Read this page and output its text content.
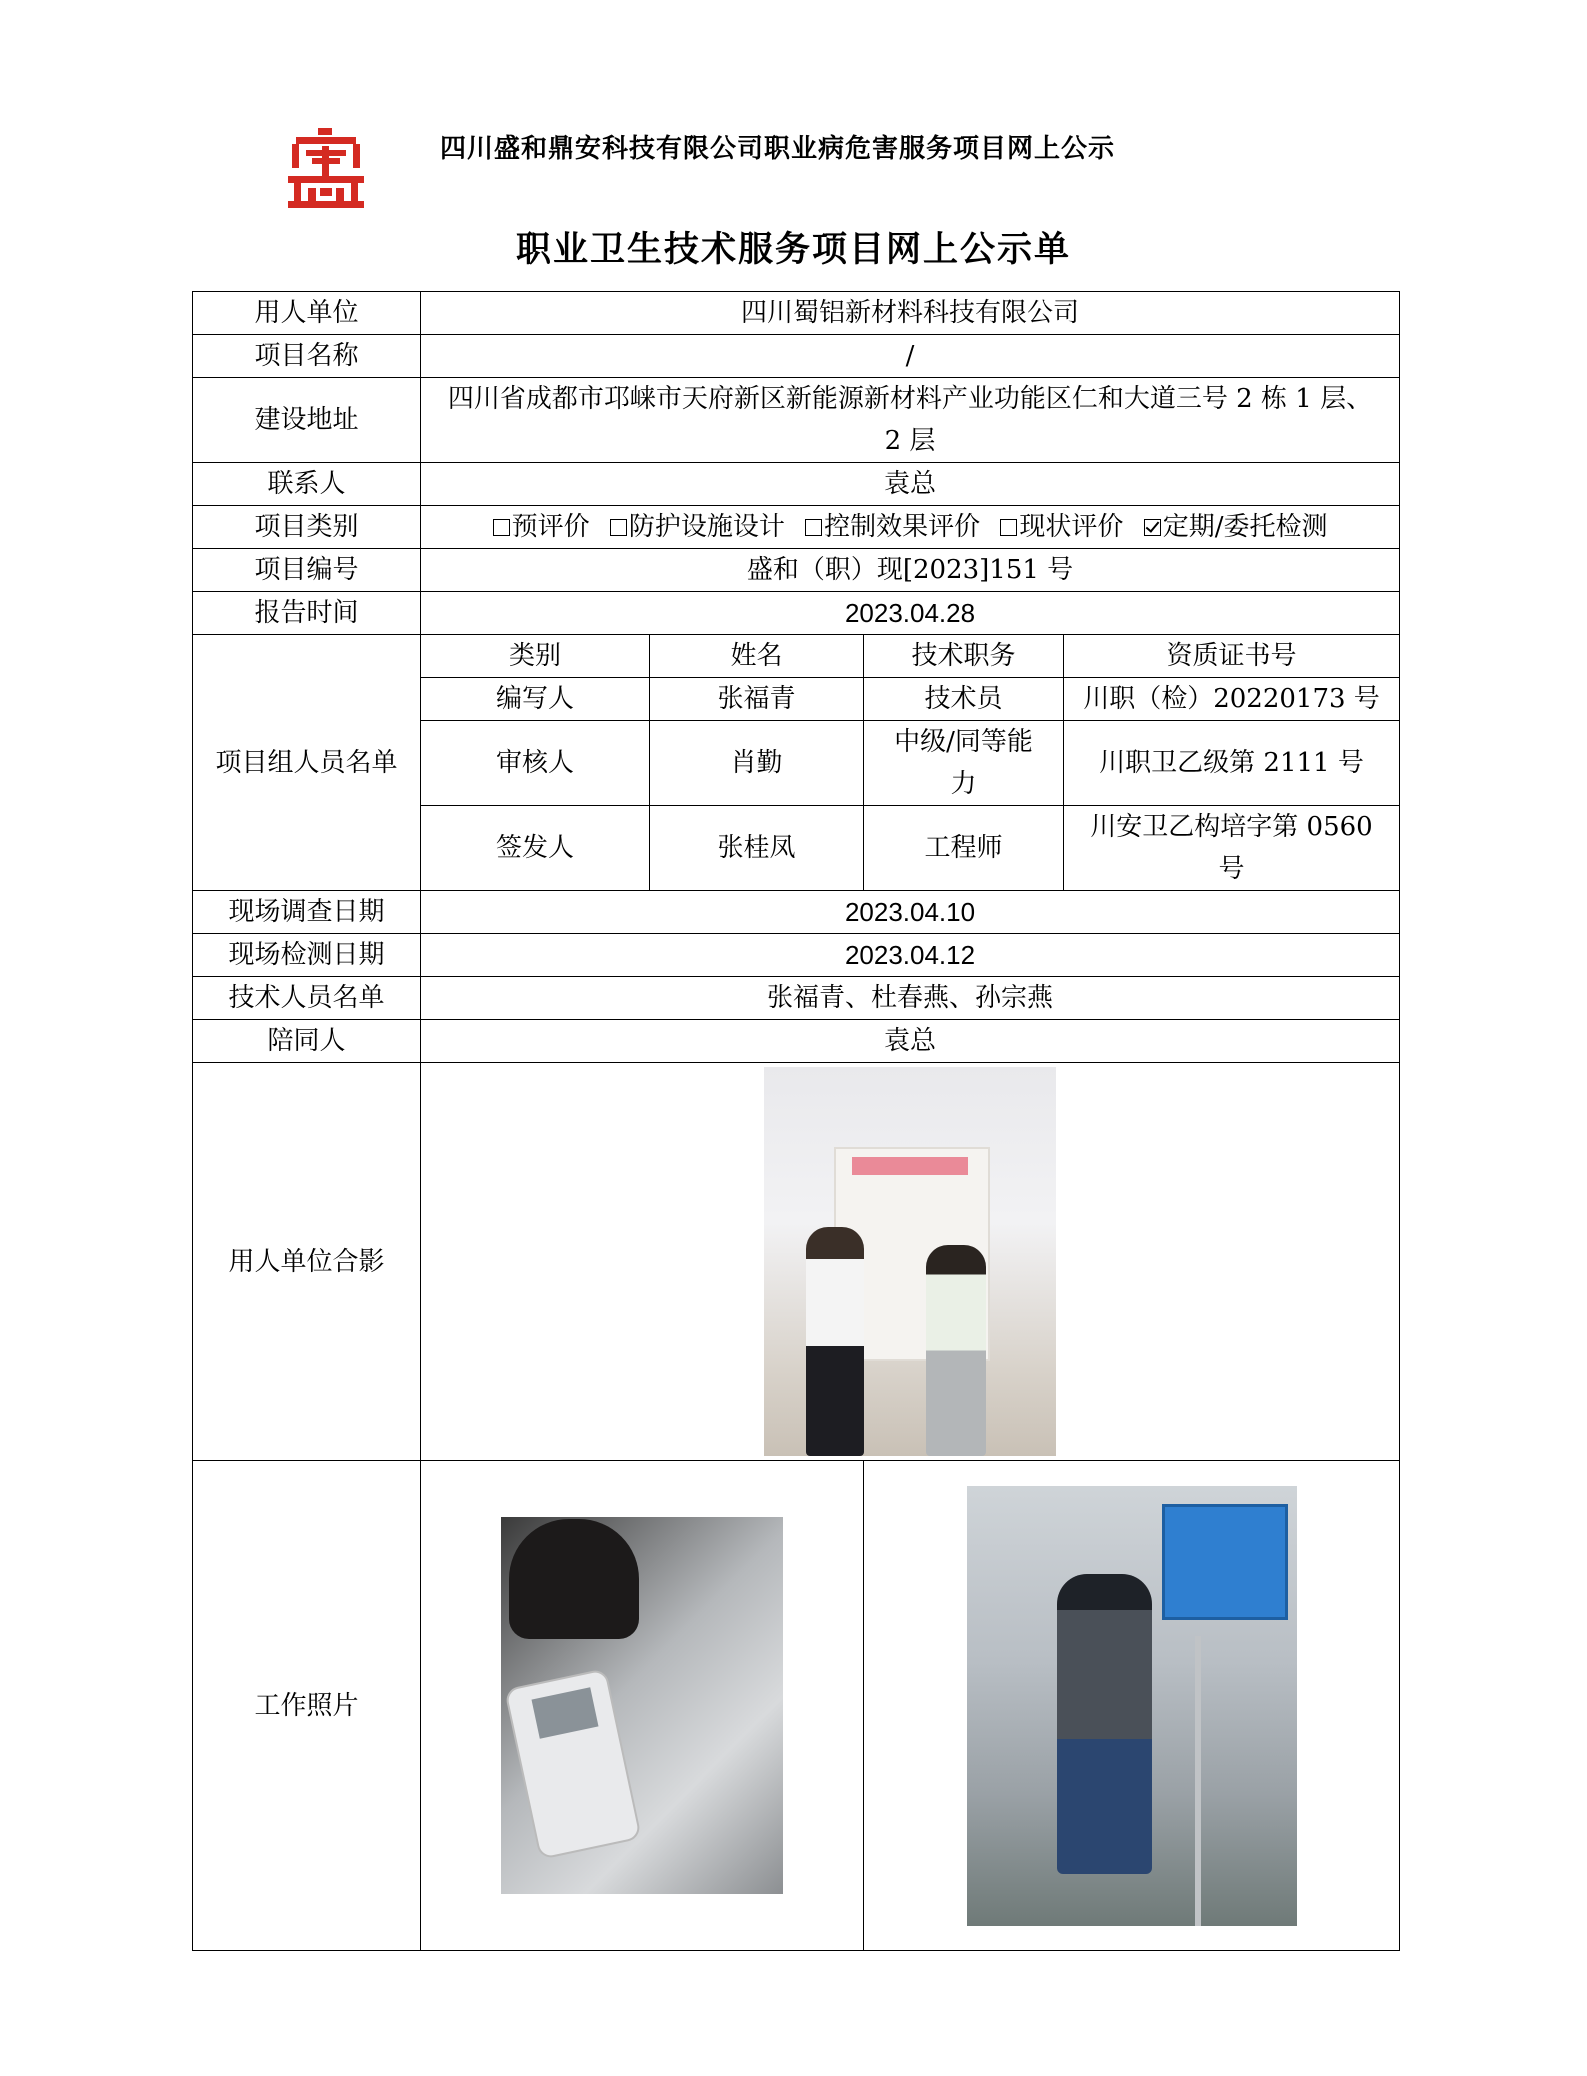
四川盛和鼎安科技有限公司职业病危害服务项目网上公示
职业卫生技术服务项目网上公示单
用人单位	四川蜀铝新材料科技有限公司			
项目名称	/			
建设地址	四川省成都市邛崃市天府新区新能源新材料产业功能区仁和大道三号 2 栋 1 层、2 层			
联系人	袁总			
项目类别	预评价 防护设施设计 控制效果评价 现状评价 定期/委托检测			
项目编号	盛和（职）现[2023]151 号			
报告时间	2023.04.28			
项目组人员名单	类别	姓名	技术职务	资质证书号
	编写人	张福青	技术员	川职（检）20220173 号
	审核人	肖勤	中级/同等能力	川职卫乙级第 2111 号
	签发人	张桂凤	工程师	川安卫乙构培字第 0560 号
现场调查日期	2023.04.10			
现场检测日期	2023.04.12			
技术人员名单	张福青、杜春燕、孙宗燕			
陪同人	袁总			
用人单位合影				

工作照片			
